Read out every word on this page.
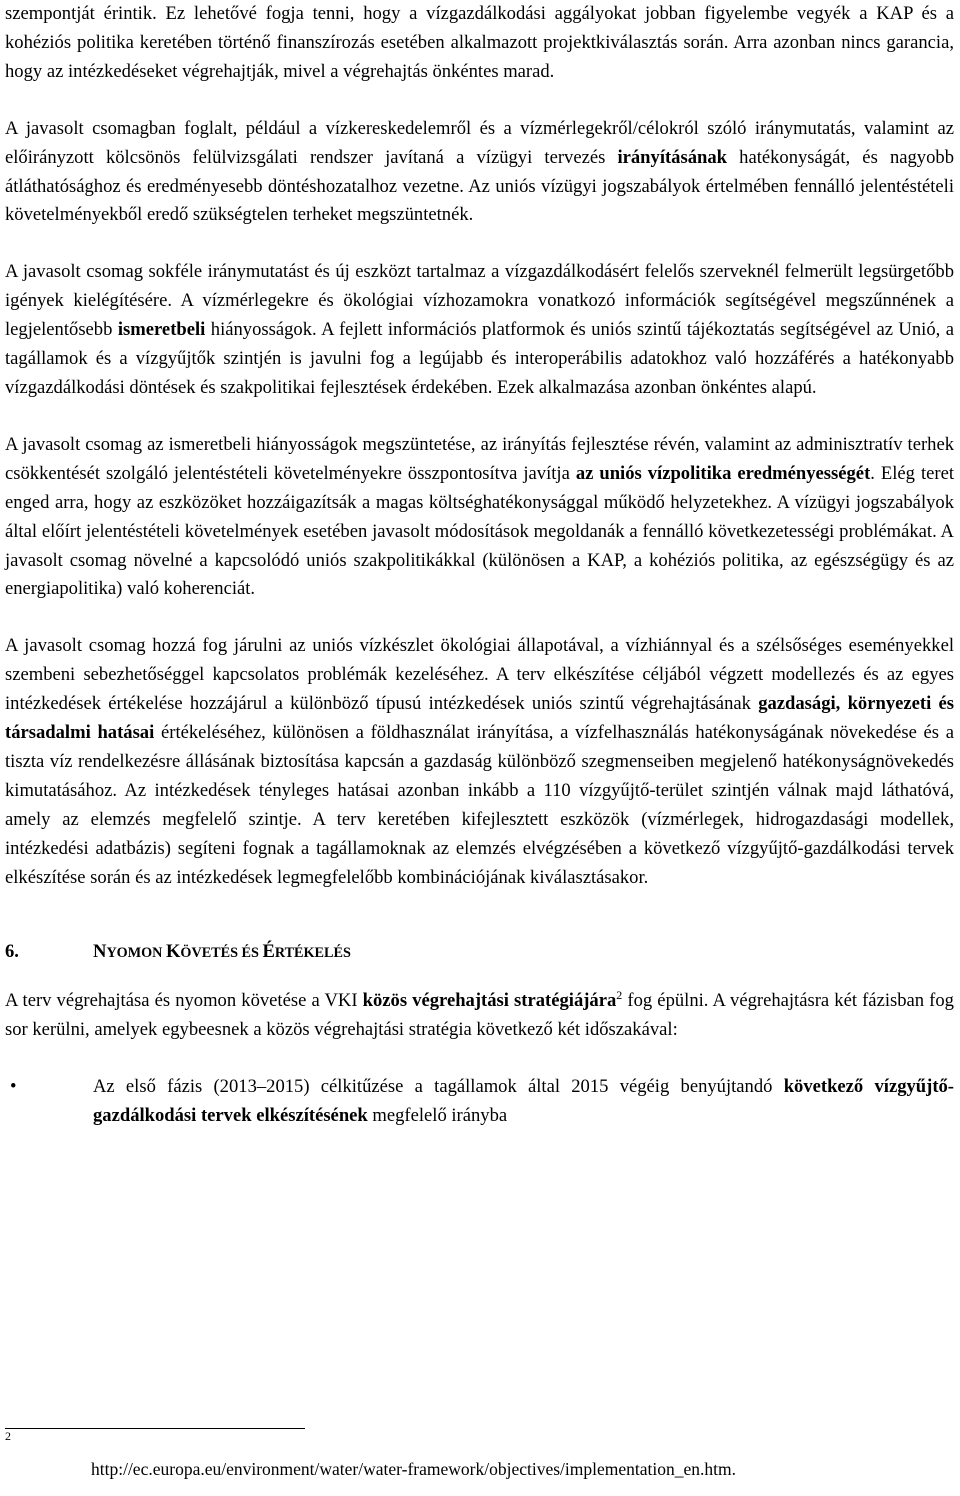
szempontját érintik. Ez lehetővé fogja tenni, hogy a vízgazdálkodási aggályokat jobban figyelembe vegyék a KAP és a kohéziós politika keretében történő finanszírozás esetében alkalmazott projektkiválasztás során. Arra azonban nincs garancia, hogy az intézkedéseket végrehajtják, mivel a végrehajtás önkéntes marad.

A javasolt csomagban foglalt, például a vízkereskedelemről és a vízmérlegekről/célokról szóló iránymutatás, valamint az előirányzott kölcsönös felülvizsgálati rendszer javítaná a vízügyi tervezés irányításának hatékonyságát, és nagyobb átláthatósághoz és eredményesebb döntéshozatalhoz vezetne. Az uniós vízügyi jogszabályok értelmében fennálló jelentéstételi követelményekből eredő szükségtelen terheket megszüntetnék.

A javasolt csomag sokféle iránymutatást és új eszközt tartalmaz a vízgazdálkodásért felelős szerveknél felmerült legsürgetőbb igények kielégítésére. A vízmérlegekre és ökológiai vízhozamokra vonatkozó információk segítségével megszűnnének a legjelentősebb ismeretbeli hiányosságok. A fejlett információs platformok és uniós szintű tájékoztatás segítségével az Unió, a tagállamok és a vízgyűjtők szintjén is javulni fog a legújabb és interoperábilis adatokhoz való hozzáférés a hatékonyabb vízgazdálkodási döntések és szakpolitikai fejlesztések érdekében. Ezek alkalmazása azonban önkéntes alapú.

A javasolt csomag az ismeretbeli hiányosságok megszüntetése, az irányítás fejlesztése révén, valamint az adminisztratív terhek csökkentését szolgáló jelentéstételi követelményekre összpontosítva javítja az uniós vízpolitika eredményességét. Elég teret enged arra, hogy az eszközöket hozzáigazítsák a magas költséghatékonysággal működő helyzetekhez. A vízügyi jogszabályok által előírt jelentéstételi követelmények esetében javasolt módosítások megoldanák a fennálló következetességi problémákat. A javasolt csomag növelné a kapcsolódó uniós szakpolitikákkal (különösen a KAP, a kohéziós politika, az egészségügy és az energiapolitika) való koherenciát.

A javasolt csomag hozzá fog járulni az uniós vízkészlet ökológiai állapotával, a vízhiánnyal és a szélsőséges eseményekkel szembeni sebezhetőséggel kapcsolatos problémák kezeléséhez. A terv elkészítése céljából végzett modellezés és az egyes intézkedések értékelése hozzájárul a különböző típusú intézkedések uniós szintű végrehajtásának gazdasági, környezeti és társadalmi hatásai értékeléséhez, különösen a földhasználat irányítása, a vízfelhasználás hatékonyságának növekedése és a tiszta víz rendelkezésre állásának biztosítása kapcsán a gazdaság különböző szegmenseiben megjelenő hatékonyságnövekedés kimutatásához. Az intézkedések tényleges hatásai azonban inkább a 110 vízgyűjtő-terület szintjén válnak majd láthatóvá, amely az elemzés megfelelő szintje. A terv keretében kifejlesztett eszközök (vízmérlegek, hidrogazdasági modellek, intézkedési adatbázis) segíteni fognak a tagállamoknak az elemzés elvégzésében a következő vízgyűjtő-gazdálkodási tervek elkészítése során és az intézkedések legmegfelelőbb kombinációjának kiválasztásakor.

6.	NYOMON KÖVETÉS ÉS ÉRTÉKELÉS

A terv végrehajtása és nyomon követése a VKI közös végrehajtási stratégiájára$^2$ fog épülni. A végrehajtásra két fázisban fog sor kerülni, amelyek egybeesnek a közös végrehajtási stratégia következő két időszakával:

•	Az első fázis (2013–2015) célkitűzése a tagállamok által 2015 végéig benyújtandó következő vízgyűjtő-gazdálkodási tervek elkészítésének megfelelő irányba
$^2$
http://ec.europa.eu/environment/water/water-framework/objectives/implementation_en.htm.
